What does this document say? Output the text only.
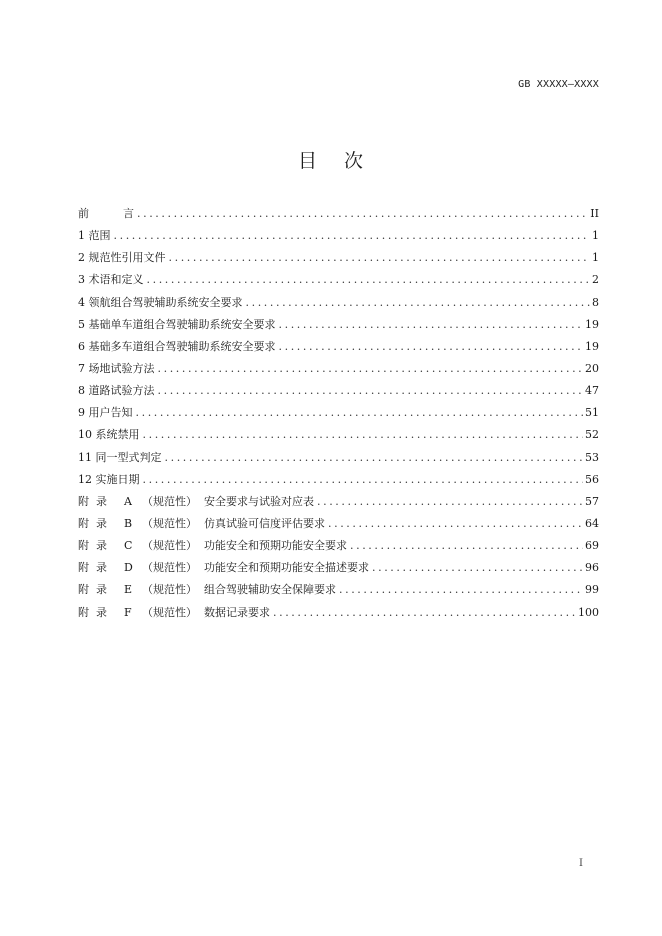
GB XXXXX—XXXX
目 次
前	言 .....	II
1 范围 .....	1
2 规范性引用文件 .....	1
3 术语和定义 .....	2
4 领航组合驾驶辅助系统安全要求 .....	8
5 基础单车道组合驾驶辅助系统安全要求 .....	19
6 基础多车道组合驾驶辅助系统安全要求 .....	19
7 场地试验方法 .....	20
8 道路试验方法 .....	47
9 用户告知 .....	51
10 系统禁用 .....	52
11 同一型式判定 .....	53
12 实施日期 .....	56
附 录	A （规范性） 安全要求与试验对应表 .....	57
附 录	B （规范性） 仿真试验可信度评估要求 .....	64
附 录	C （规范性） 功能安全和预期功能安全要求 .....	69
附 录	D （规范性） 功能安全和预期功能安全描述要求 .....	96
附 录	E （规范性） 组合驾驶辅助安全保障要求 .....	99
附 录	F （规范性） 数据记录要求 .....	100
I
